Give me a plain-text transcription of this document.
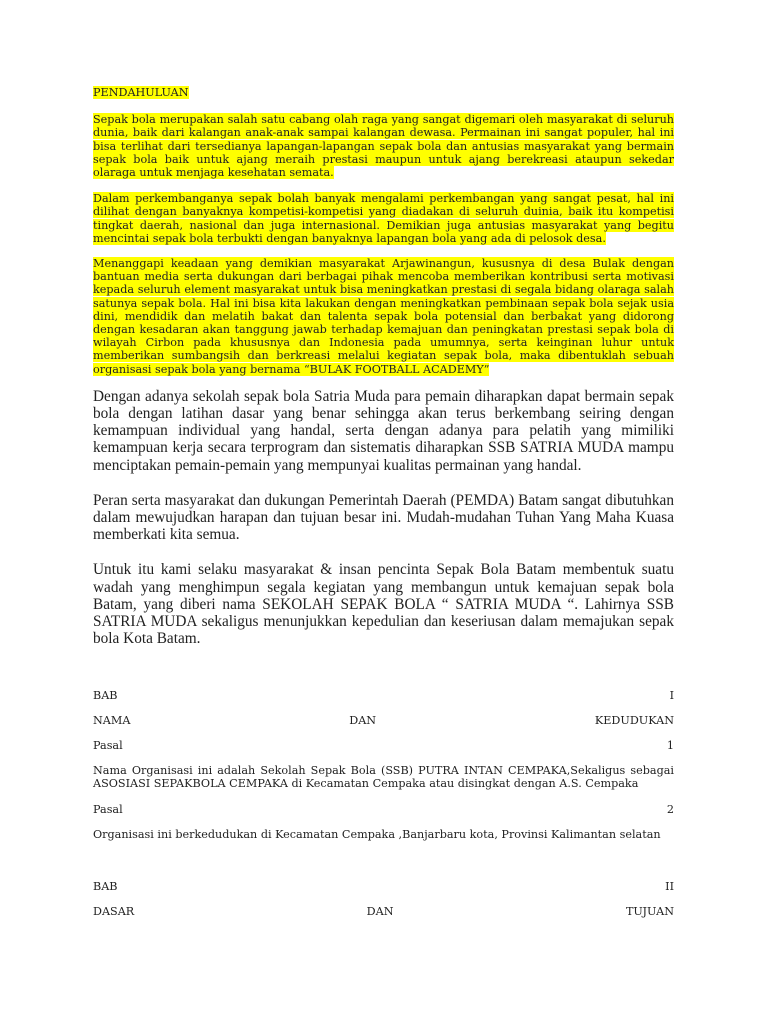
PENDAHULUAN

Sepak bola merupakan salah satu cabang olah raga yang sangat digemari oleh masyarakat di seluruh dunia, baik dari kalangan anak-anak sampai kalangan dewasa. Permainan ini sangat populer, hal ini bisa terlihat dari tersedianya lapangan-lapangan sepak bola dan antusias masyarakat yang bermain sepak bola baik untuk ajang meraih prestasi maupun untuk ajang berekreasi ataupun sekedar olaraga untuk menjaga kesehatan semata.

Dalam perkembanganya sepak bolah banyak mengalami perkembangan yang sangat pesat, hal ini dilihat dengan banyaknya kompetisi-kompetisi yang diadakan di seluruh duinia, baik itu kompetisi tingkat daerah, nasional dan juga internasional. Demikian juga antusias masyarakat yang begitu mencintai sepak bola terbukti dengan banyaknya lapangan bola yang ada di pelosok desa.

Menanggapi keadaan yang demikian masyarakat Arjawinangun, kususnya di desa Bulak dengan bantuan media serta dukungan dari berbagai pihak mencoba memberikan kontribusi serta motivasi kepada seluruh element masyarakat untuk bisa meningkatkan prestasi di segala bidang olaraga salah satunya sepak bola. Hal ini bisa kita lakukan dengan meningkatkan pembinaan sepak bola sejak usia dini, mendidik dan melatih bakat dan talenta sepak bola potensial dan berbakat yang didorong dengan kesadaran akan tanggung jawab terhadap kemajuan dan peningkatan prestasi sepak bola di wilayah Cirbon pada khususnya dan Indonesia pada umumnya, serta keinginan luhur untuk memberikan sumbangsih dan berkreasi melalui kegiatan sepak bola, maka dibentuklah sebuah organisasi sepak bola yang bernama “BULAK FOOTBALL ACADEMY”

Dengan adanya sekolah sepak bola Satria Muda para pemain diharapkan dapat bermain sepak bola dengan latihan dasar yang benar sehingga akan terus berkembang seiring dengan kemampuan individual yang handal, serta dengan adanya para pelatih yang mimiliki kemampuan kerja secara terprogram dan sistematis diharapkan SSB SATRIA MUDA mampu menciptakan pemain-pemain yang mempunyai kualitas permainan yang handal.

Peran serta masyarakat dan dukungan Pemerintah Daerah (PEMDA) Batam sangat dibutuhkan dalam mewujudkan harapan dan tujuan besar ini. Mudah-mudahan Tuhan Yang Maha Kuasa memberkati kita semua.

Untuk itu kami selaku masyarakat & insan pencinta Sepak Bola Batam membentuk suatu wadah yang menghimpun segala kegiatan yang membangun untuk kemajuan sepak bola Batam, yang diberi nama SEKOLAH SEPAK BOLA “ SATRIA MUDA “. Lahirnya SSB SATRIA MUDA sekaligus menunjukkan kepedulian dan keseriusan dalam memajukan sepak bola Kota Batam.

BAB	I
NAMA	DAN	KEDUDUKAN
Pasal	1

Nama Organisasi ini adalah Sekolah Sepak Bola (SSB) PUTRA INTAN CEMPAKA,Sekaligus sebagai ASOSIASI SEPAKBOLA CEMPAKA di Kecamatan Cempaka atau disingkat dengan A.S. Cempaka

Pasal	2

Organisasi ini berkedudukan di Kecamatan Cempaka ,Banjarbaru kota, Provinsi Kalimantan selatan

BAB	II
DASAR	DAN	TUJUAN
